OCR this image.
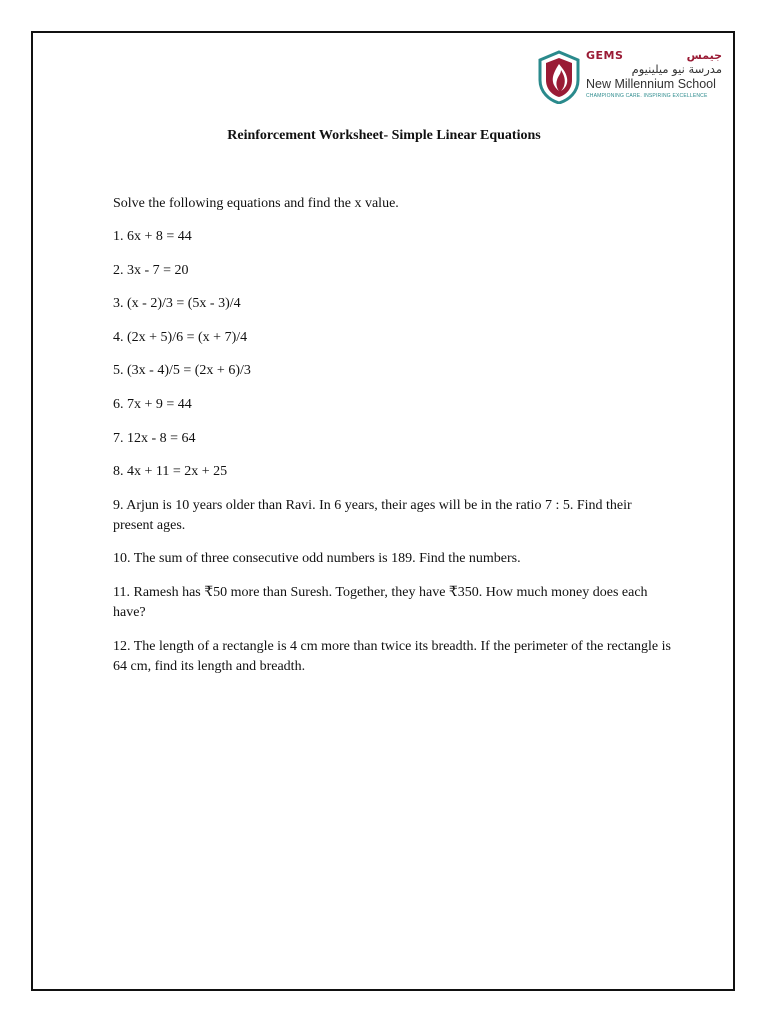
GEMS	جيمس
مدرسة نيو ميلينيوم
New Millennium School
CHAMPIONING CARE. INSPIRING EXCELLENCE
Reinforcement Worksheet- Simple Linear Equations

Solve the following equations and find the x value.

1. 6x + 8 = 44

2. 3x - 7 = 20

3. (x - 2)/3 = (5x - 3)/4

4. (2x + 5)/6 = (x + 7)/4

5. (3x - 4)/5 = (2x + 6)/3

6. 7x + 9 = 44

7. 12x - 8 = 64

8. 4x + 11 = 2x + 25

9. Arjun is 10 years older than Ravi. In 6 years, their ages will be in the ratio 7 : 5. Find their present ages.

10. The sum of three consecutive odd numbers is 189. Find the numbers.

11. Ramesh has ₹50 more than Suresh. Together, they have ₹350. How much money does each have?

12. The length of a rectangle is 4 cm more than twice its breadth. If the perimeter of the rectangle is 64 cm, find its length and breadth.
